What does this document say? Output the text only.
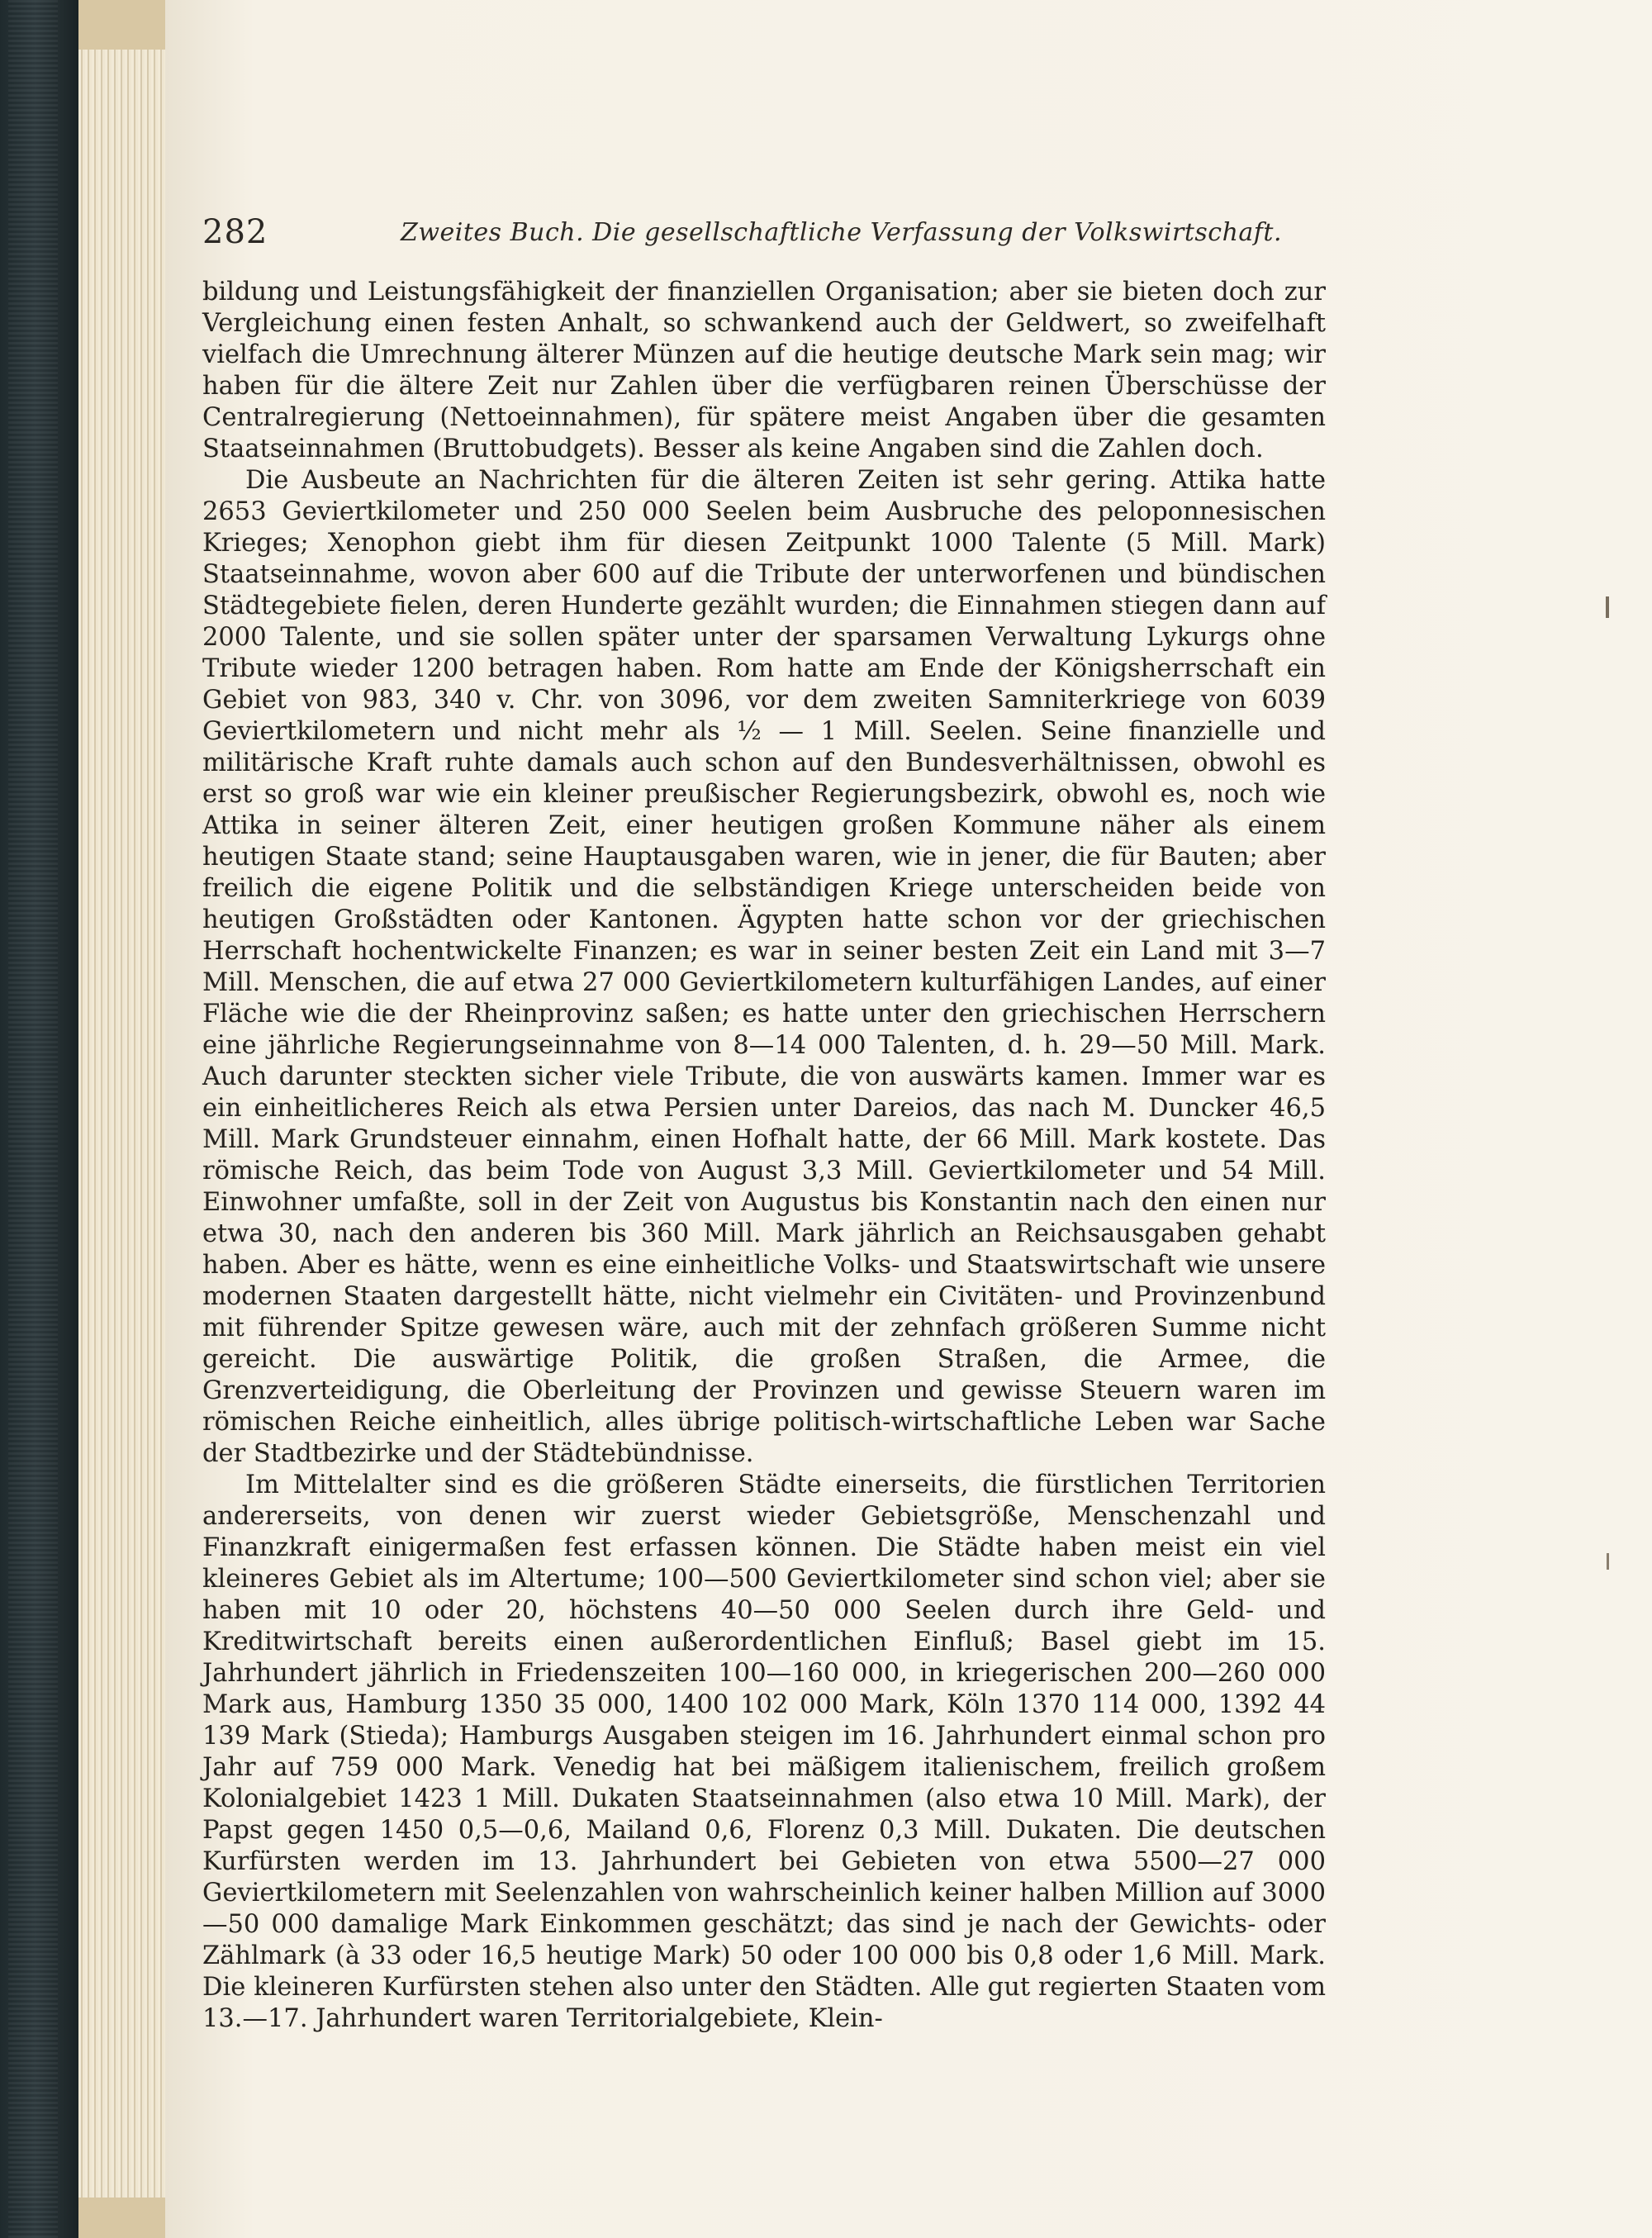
282	Zweites Buch. Die gesellschaftliche Verfassung der Volkswirtschaft.

bildung und Leistungsfähigkeit der finanziellen Organisation; aber sie bieten doch zur Vergleichung einen festen Anhalt, so schwankend auch der Geldwert, so zweifelhaft vielfach die Umrechnung älterer Münzen auf die heutige deutsche Mark sein mag; wir haben für die ältere Zeit nur Zahlen über die verfügbaren reinen Überschüsse der Centralregierung (Nettoeinnahmen), für spätere meist Angaben über die gesamten Staatseinnahmen (Bruttobudgets). Besser als keine Angaben sind die Zahlen doch.

Die Ausbeute an Nachrichten für die älteren Zeiten ist sehr gering. Attika hatte 2653 Geviertkilometer und 250 000 Seelen beim Ausbruche des peloponnesischen Krieges; Xenophon giebt ihm für diesen Zeitpunkt 1000 Talente (5 Mill. Mark) Staatseinnahme, wovon aber 600 auf die Tribute der unterworfenen und bündischen Städtegebiete fielen, deren Hunderte gezählt wurden; die Einnahmen stiegen dann auf 2000 Talente, und sie sollen später unter der sparsamen Verwaltung Lykurgs ohne Tribute wieder 1200 betragen haben. Rom hatte am Ende der Königsherrschaft ein Gebiet von 983, 340 v. Chr. von 3096, vor dem zweiten Samniterkriege von 6039 Geviertkilometern und nicht mehr als ½ — 1 Mill. Seelen. Seine finanzielle und militärische Kraft ruhte damals auch schon auf den Bundesverhältnissen, obwohl es erst so groß war wie ein kleiner preußischer Regierungsbezirk, obwohl es, noch wie Attika in seiner älteren Zeit, einer heutigen großen Kommune näher als einem heutigen Staate stand; seine Hauptausgaben waren, wie in jener, die für Bauten; aber freilich die eigene Politik und die selbständigen Kriege unterscheiden beide von heutigen Großstädten oder Kantonen. Ägypten hatte schon vor der griechischen Herrschaft hochentwickelte Finanzen; es war in seiner besten Zeit ein Land mit 3—7 Mill. Menschen, die auf etwa 27 000 Geviertkilometern kulturfähigen Landes, auf einer Fläche wie die der Rheinprovinz saßen; es hatte unter den griechischen Herrschern eine jährliche Regierungseinnahme von 8—14 000 Talenten, d. h. 29—50 Mill. Mark. Auch darunter steckten sicher viele Tribute, die von auswärts kamen. Immer war es ein einheitlicheres Reich als etwa Persien unter Dareios, das nach M. Duncker 46,5 Mill. Mark Grundsteuer einnahm, einen Hofhalt hatte, der 66 Mill. Mark kostete. Das römische Reich, das beim Tode von August 3,3 Mill. Geviertkilometer und 54 Mill. Einwohner umfaßte, soll in der Zeit von Augustus bis Konstantin nach den einen nur etwa 30, nach den anderen bis 360 Mill. Mark jährlich an Reichsausgaben gehabt haben. Aber es hätte, wenn es eine einheitliche Volks- und Staatswirtschaft wie unsere modernen Staaten dargestellt hätte, nicht vielmehr ein Civitäten- und Provinzenbund mit führender Spitze gewesen wäre, auch mit der zehnfach größeren Summe nicht gereicht. Die auswärtige Politik, die großen Straßen, die Armee, die Grenzverteidigung, die Oberleitung der Provinzen und gewisse Steuern waren im römischen Reiche einheitlich, alles übrige politisch-wirtschaftliche Leben war Sache der Stadtbezirke und der Städtebündnisse.

Im Mittelalter sind es die größeren Städte einerseits, die fürstlichen Territorien andererseits, von denen wir zuerst wieder Gebietsgröße, Menschenzahl und Finanzkraft einigermaßen fest erfassen können. Die Städte haben meist ein viel kleineres Gebiet als im Altertume; 100—500 Geviertkilometer sind schon viel; aber sie haben mit 10 oder 20, höchstens 40—50 000 Seelen durch ihre Geld- und Kreditwirtschaft bereits einen außerordentlichen Einfluß; Basel giebt im 15. Jahrhundert jährlich in Friedenszeiten 100—160 000, in kriegerischen 200—260 000 Mark aus, Hamburg 1350 35 000, 1400 102 000 Mark, Köln 1370 114 000, 1392 44 139 Mark (Stieda); Hamburgs Ausgaben steigen im 16. Jahrhundert einmal schon pro Jahr auf 759 000 Mark. Venedig hat bei mäßigem italienischem, freilich großem Kolonialgebiet 1423 1 Mill. Dukaten Staatseinnahmen (also etwa 10 Mill. Mark), der Papst gegen 1450 0,5—0,6, Mailand 0,6, Florenz 0,3 Mill. Dukaten. Die deutschen Kurfürsten werden im 13. Jahrhundert bei Gebieten von etwa 5500—27 000 Geviertkilometern mit Seelenzahlen von wahrscheinlich keiner halben Million auf 3000—50 000 damalige Mark Einkommen geschätzt; das sind je nach der Gewichts- oder Zählmark (à 33 oder 16,5 heutige Mark) 50 oder 100 000 bis 0,8 oder 1,6 Mill. Mark. Die kleineren Kurfürsten stehen also unter den Städten. Alle gut regierten Staaten vom 13.—17. Jahrhundert waren Territorialgebiete, Klein-
